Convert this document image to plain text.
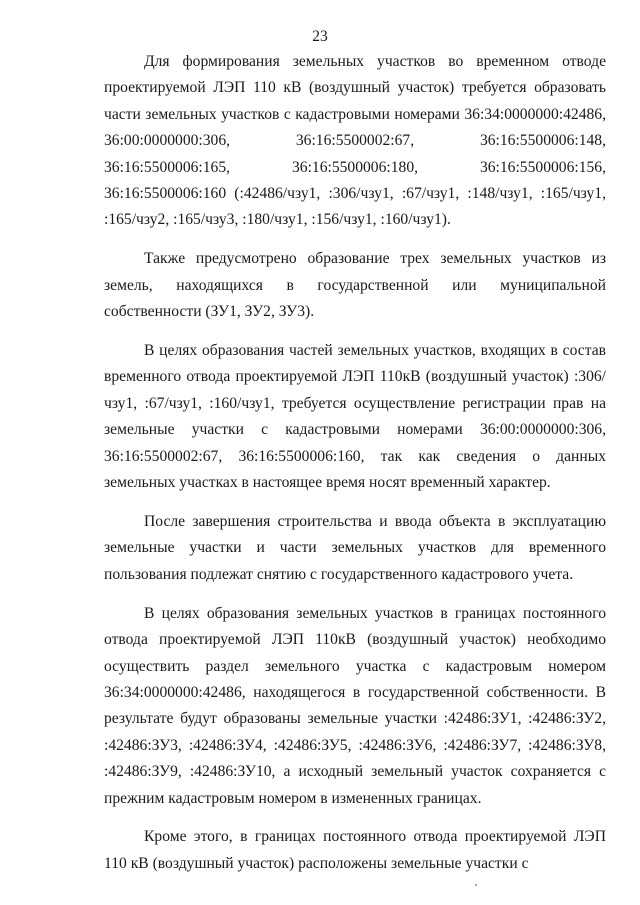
23

Для формирования земельных участков во временном отводе проектируемой ЛЭП 110 кВ (воздушный участок) требуется образовать части земельных участков с кадастровыми номерами 36:34:0000000:42486, 36:00:0000000:306, 36:16:5500002:67, 36:16:5500006:148, 36:16:5500006:165, 36:16:5500006:180, 36:16:5500006:156, 36:16:5500006:160 (:42486/чзу1, :306/чзу1, :67/чзу1, :148/чзу1, :165/чзу1, :165/чзу2, :165/чзу3, :180/чзу1, :156/чзу1, :160/чзу1).

Также предусмотрено образование трех земельных участков из земель, находящихся в государственной или муниципальной собственности (ЗУ1, ЗУ2, ЗУ3).

В целях образования частей земельных участков, входящих в состав временного отвода проектируемой ЛЭП 110кВ (воздушный участок) :306/чзу1, :67/чзу1, :160/чзу1, требуется осуществление регистрации прав на земельные участки с кадастровыми номерами 36:00:0000000:306, 36:16:5500002:67, 36:16:5500006:160, так как сведения о данных земельных участках в настоящее время носят временный характер.

После завершения строительства и ввода объекта в эксплуатацию земельные участки и части земельных участков для временного пользования подлежат снятию с государственного кадастрового учета.

В целях образования земельных участков в границах постоянного отвода проектируемой ЛЭП 110кВ (воздушный участок) необходимо осуществить раздел земельного участка с кадастровым номером 36:34:0000000:42486, находящегося в государственной собственности. В результате будут образованы земельные участки :42486:ЗУ1, :42486:ЗУ2, :42486:ЗУ3, :42486:ЗУ4, :42486:ЗУ5, :42486:ЗУ6, :42486:ЗУ7, :42486:ЗУ8, :42486:ЗУ9, :42486:ЗУ10, а исходный земельный участок сохраняется с прежним кадастровым номером в измененных границах.

Кроме этого, в границах постоянного отвода проектируемой ЛЭП 110 кВ (воздушный участок) расположены земельные участки с
